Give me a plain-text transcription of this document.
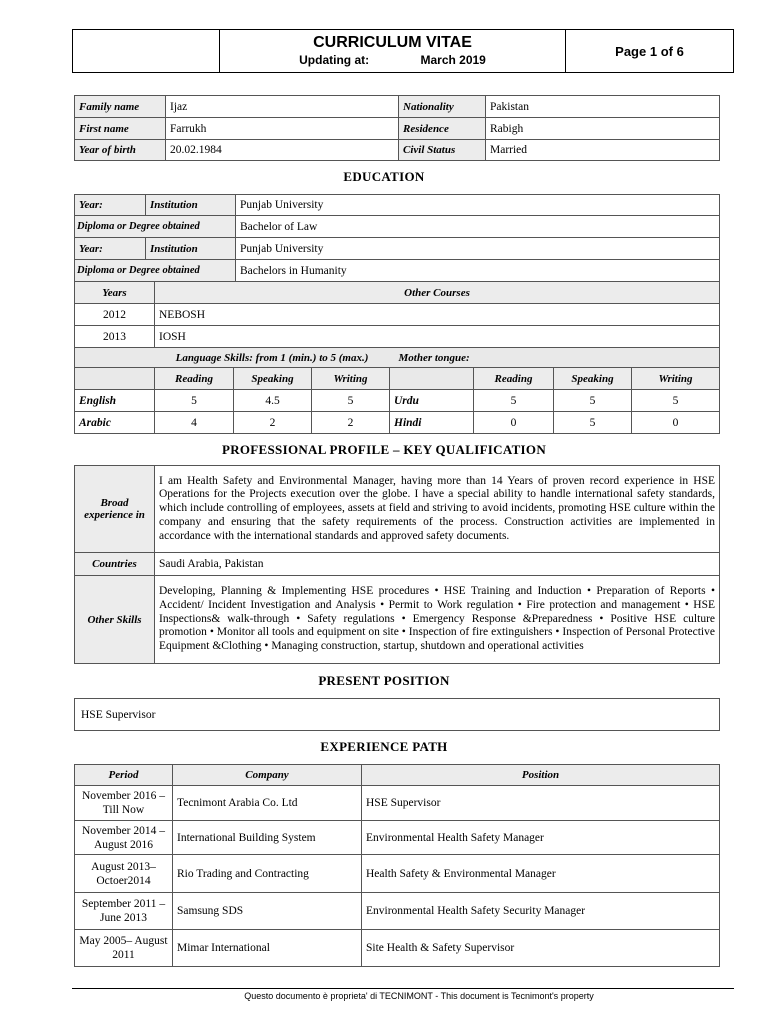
CURRICULUM VITAE
Updating at:	March 2019
	Page 1 of 6
Family name	Ijaz	Nationality	Pakistan
First name	Farrukh	Residence	Rabigh
Year of birth	20.02.1984	Civil Status	Married
EDUCATION
Year:	Institution	Punjab University
Diploma or Degree obtained		Bachelor of Law
Year:	Institution	Punjab University
Diploma or Degree obtained		Bachelors in Humanity
Years	Other Courses
2012	NEBOSH
2013	IOSH
	Language Skills: from 1 (min.) to 5 (max.)			Mother tongue:			
	Reading	Speaking	Writing		Reading	Speaking	Writing
English	5	4.5	5	Urdu	5	5	5
Arabic	4	2	2	Hindi	0	5	0
PROFESSIONAL PROFILE – KEY QUALIFICATION
Broad experience in	I am Health Safety and Environmental Manager, having more than 14 Years of proven record experience in HSE Operations for the Projects execution over the globe. I have a special ability to handle international safety standards, which include controlling of employees, assets at field and striving to avoid incidents, promoting HSE culture within the company and ensuring that the safety requirements of the process. Construction activities are implemented in accordance with the international standards and approved safety documents.
Countries	Saudi Arabia, Pakistan
Other Skills	Developing, Planning & Implementing HSE procedures • HSE Training and Induction • Preparation of Reports • Accident/ Incident Investigation and Analysis • Permit to Work regulation • Fire protection and management • HSE Inspections& walk-through • Safety regulations • Emergency Response &Preparedness • Positive HSE culture promotion • Monitor all tools and equipment on site • Inspection of fire extinguishers • Inspection of Personal Protective Equipment &Clothing • Managing construction, startup, shutdown and operational activities
PRESENT POSITION
HSE Supervisor
EXPERIENCE PATH
Period	Company	Position
November 2016 – Till Now	Tecnimont Arabia Co. Ltd	HSE Supervisor
November 2014 – August 2016	International Building System	Environmental Health Safety Manager
August 2013– Octoer2014	Rio Trading and Contracting	Health Safety & Environmental Manager
September 2011 – June 2013	Samsung SDS	Environmental Health Safety Security Manager
May 2005– August 2011	Mimar International	Site Health & Safety Supervisor
Questo documento è proprieta' di TECNIMONT - This document is Tecnimont's property
